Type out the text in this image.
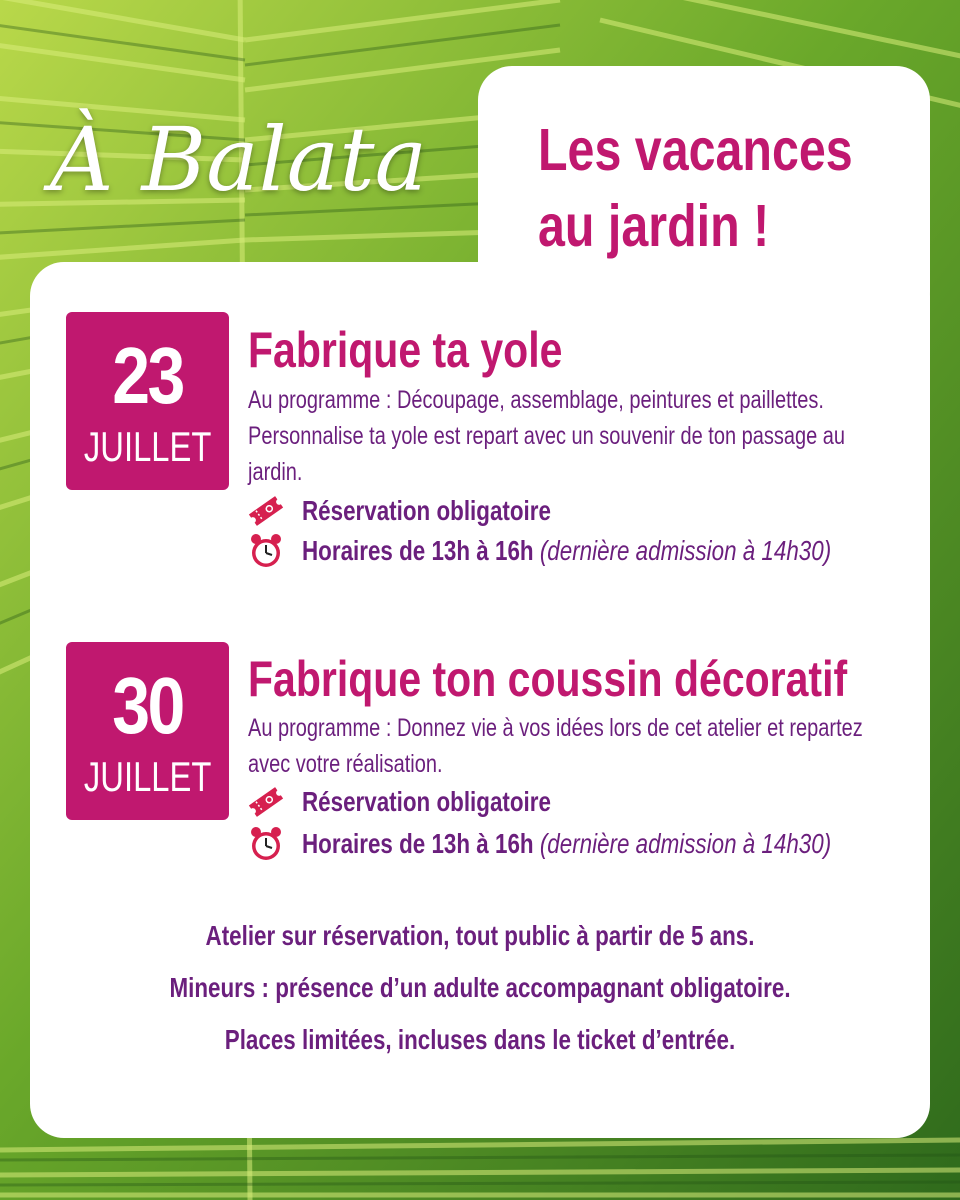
À Balata	Les vacances
au jardin !
23
JUILLET
Fabrique ta yole
Au programme : Découpage, assemblage, peintures et paillettes.
Personnalise ta yole est repart avec un souvenir de ton passage au
jardin.
Réservation obligatoire
Horaires de 13h à 16h (dernière admission à 14h30)
30
JUILLET
Fabrique ton coussin décoratif
Au programme : Donnez vie à vos idées lors de cet atelier et repartez
avec votre réalisation.
Réservation obligatoire
Horaires de 13h à 16h (dernière admission à 14h30)
Atelier sur réservation, tout public à partir de 5 ans.
Mineurs : présence d’un adulte accompagnant obligatoire.
Places limitées, incluses dans le ticket d’entrée.
